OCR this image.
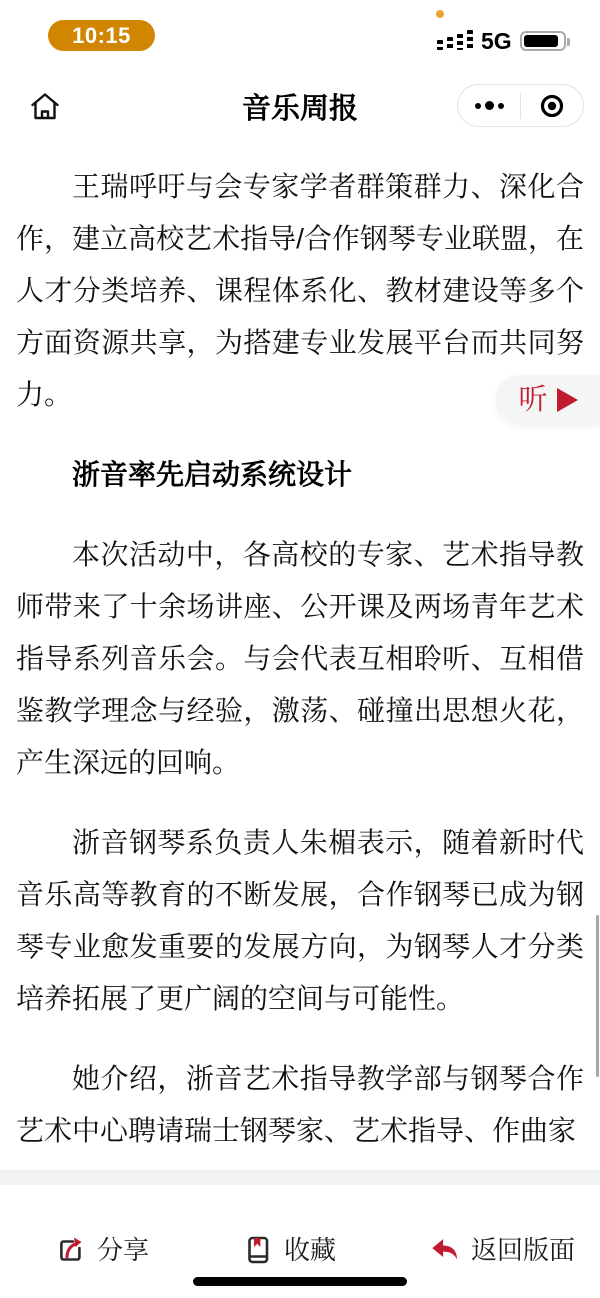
10:15	5G
音乐周报

王瑞呼吁与会专家学者群策群力、深化合作，建立高校艺术指导/合作钢琴专业联盟，在人才分类培养、课程体系化、教材建设等多个方面资源共享，为搭建专业发展平台而共同努力。

浙音率先启动系统设计

本次活动中，各高校的专家、艺术指导教师带来了十余场讲座、公开课及两场青年艺术指导系列音乐会。与会代表互相聆听、互相借鉴教学理念与经验，激荡、碰撞出思想火花，产生深远的回响。

浙音钢琴系负责人朱楣表示，随着新时代音乐高等教育的不断发展，合作钢琴已成为钢琴专业愈发重要的发展方向，为钢琴人才分类培养拓展了更广阔的空间与可能性。

她介绍，浙音艺术指导教学部与钢琴合作艺术中心聘请瑞士钢琴家、艺术指导、作曲家

听
分享	收藏	返回版面
